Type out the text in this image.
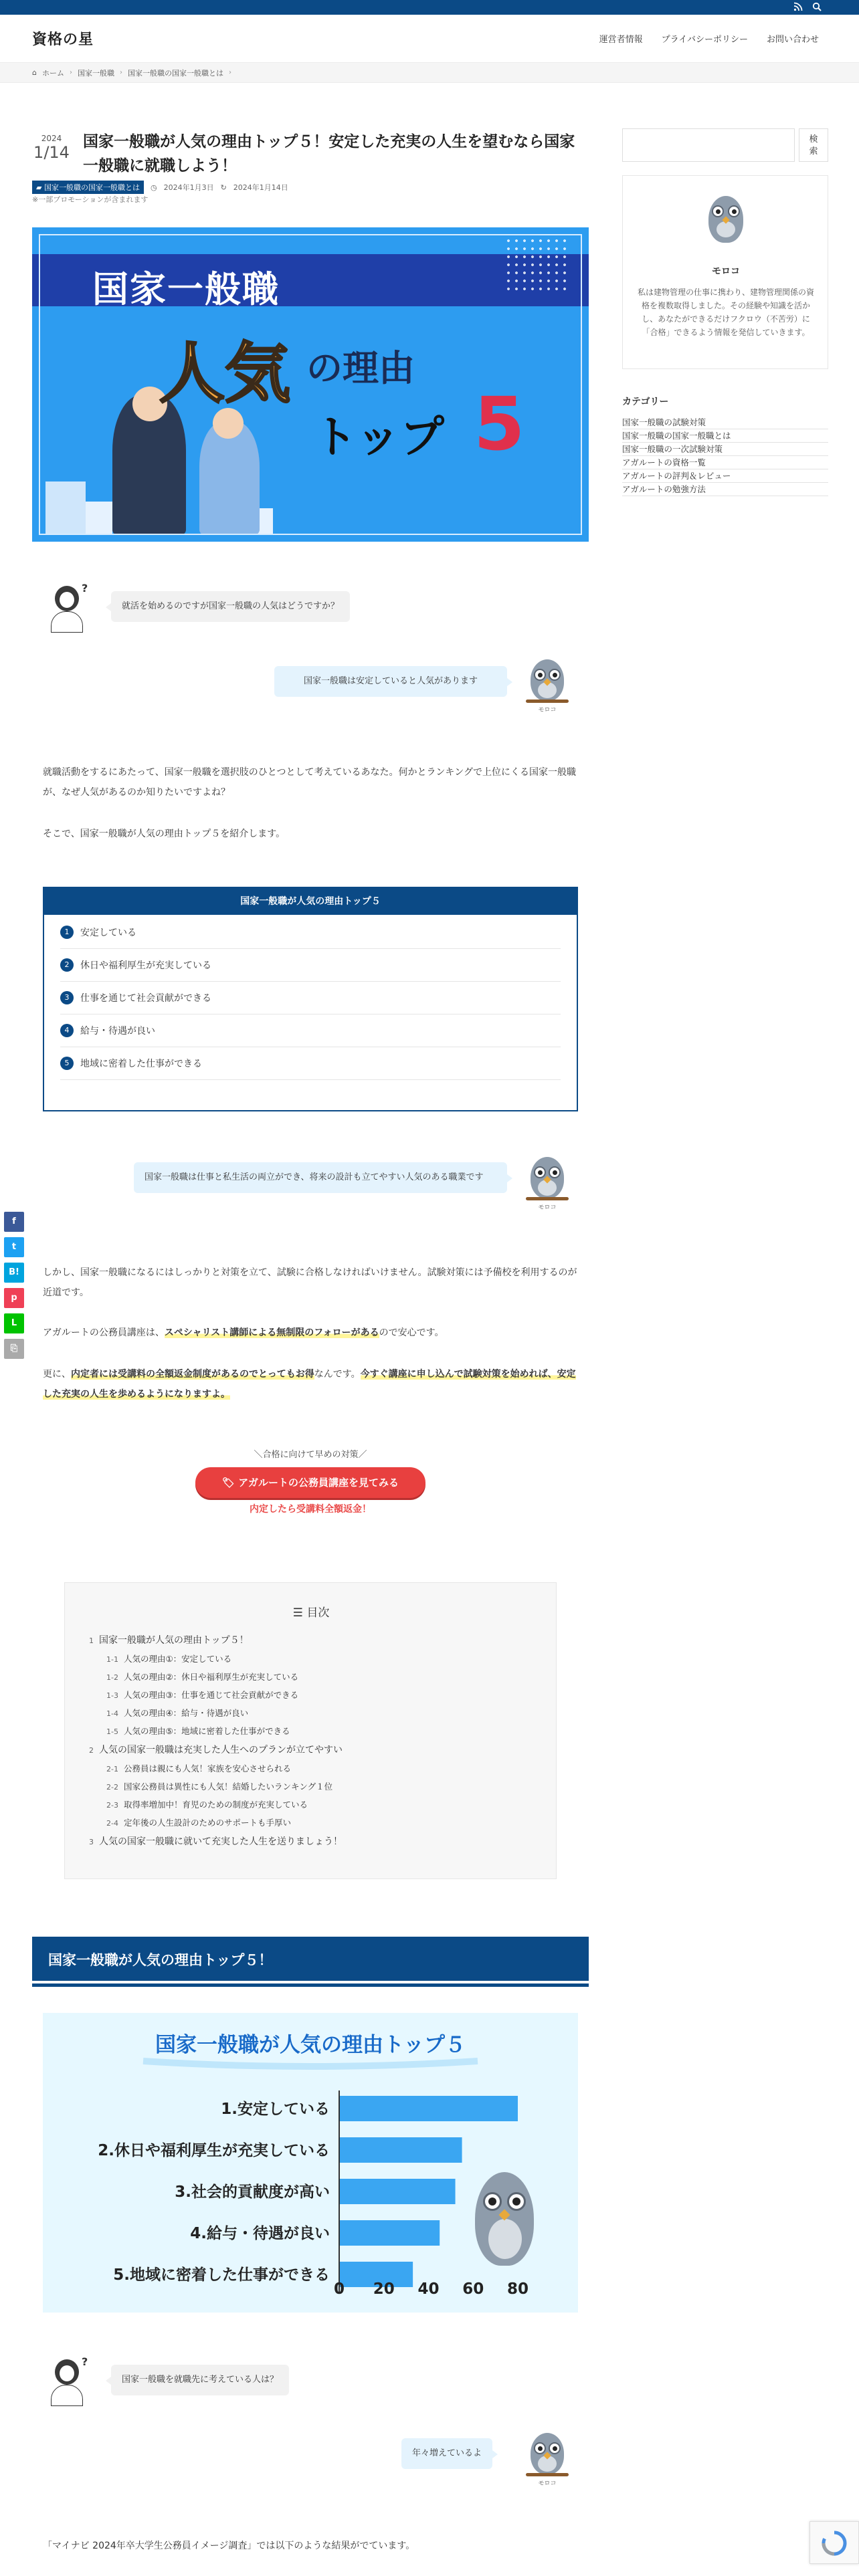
資格の星	運営者情報 プライバシーポリシー お問い合わせ
⌂ ホーム › 国家一般職 › 国家一般職の国家一般職とは ›
2024
1/14
国家一般職が人気の理由トップ５！安定した充実の人生を望むなら国家一般職に就職しよう！
▰ 国家一般職の国家一般職とは	◷ 2024年1月3日 ↻ 2024年1月14日
※一部プロモーションが含まれます
国家一般職
人気 の理由
トップ 5
?
就活を始めるのですが国家一般職の人気はどうですか？
国家一般職は安定していると人気があります
モロコ

就職活動をするにあたって、国家一般職を選択肢のひとつとして考えているあなた。何かとランキングで上位にくる国家一般職が、なぜ人気があるのか知りたいですよね？

そこで、国家一般職が人気の理由トップ５を紹介します。

国家一般職が人気の理由トップ５
1	安定している
2	休日や福利厚生が充実している
3	仕事を通じて社会貢献ができる
4	給与・待遇が良い
5	地域に密着した仕事ができる
国家一般職は仕事と私生活の両立ができ、将来の設計も立てやすい人気のある職業です
モロコ

しかし、国家一般職になるにはしっかりと対策を立て、試験に合格しなければいけません。試験対策には予備校を利用するのが近道です。

アガルートの公務員講座は、スペシャリスト講師による無制限のフォローがあるので安心です。

更に、内定者には受講料の全額返金制度があるのでとってもお得なんです。今すぐ講座に申し込んで試験対策を始めれば、安定した充実の人生を歩めるようになりますよ。

＼合格に向けて早めの対策／
🏷 アガルートの公務員講座を見てみる
内定したら受講料全額返金！
☰ 目次
1 国家一般職が人気の理由トップ５！
1-1 人気の理由①：安定している
1-2 人気の理由②：休日や福利厚生が充実している
1-3 人気の理由③：仕事を通じて社会貢献ができる
1-4 人気の理由④：給与・待遇が良い
1-5 人気の理由⑤：地域に密着した仕事ができる
2 人気の国家一般職は充実した人生へのプランが立てやすい
2-1 公務員は親にも人気！家族を安心させられる
2-2 国家公務員は異性にも人気！結婚したいランキング１位
2-3 取得率増加中！育児のための制度が充実している
2-4 定年後の人生設計のためのサポートも手厚い
3 人気の国家一般職に就いて充実した人生を送りましょう！
国家一般職が人気の理由トップ５！
国家一般職が人気の理由トップ５
1.安定している
2.休日や福利厚生が充実している
3.社会的貢献度が高い
4.給与・待遇が良い
5.地域に密着した仕事ができる
0 20 40 60 80
?
国家一般職を就職先に考えている人は？
年々増えているよ
モロコ

「マイナビ 2024年卒大学生公務員イメージ調査」では以下のような結果がでています。

検索
モロコ
私は建物管理の仕事に携わり、建物管理関係の資格を複数取得しました。その経験や知識を活かし、あなたができるだけフクロウ（不苦労）に「合格」できるよう情報を発信していきます。
カテゴリー
国家一般職の試験対策
国家一般職の国家一般職とは
国家一般職の一次試験対策
アガルートの資格一覧
アガルートの評判＆レビュー
アガルートの勉強方法
f
t
B!
p
L
⎘
